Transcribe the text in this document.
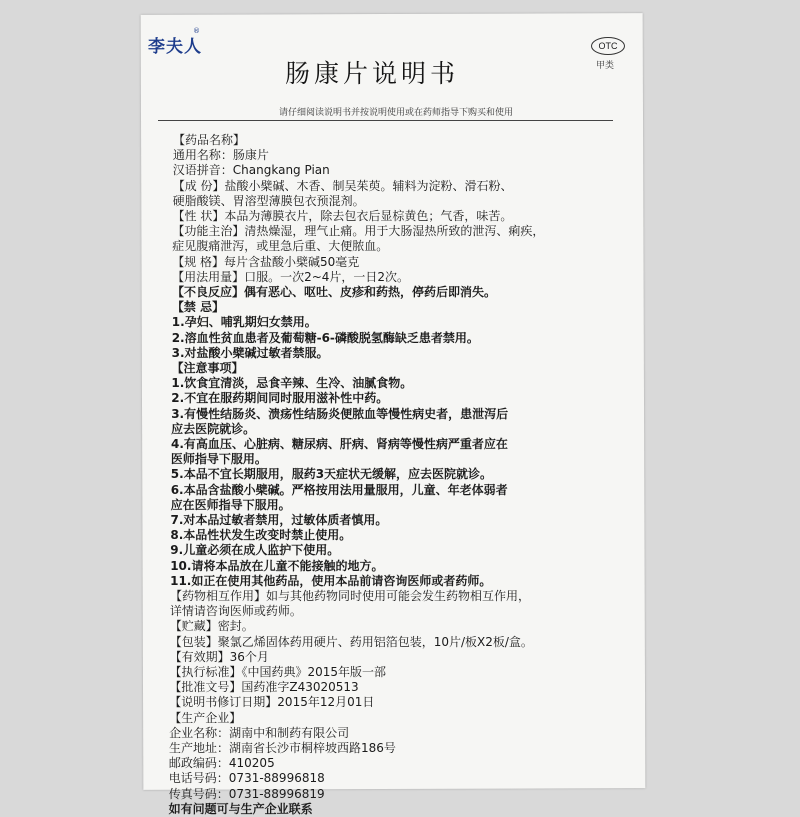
李夫人
®
肠康片说明书
OTC
甲类
请仔细阅读说明书并按说明使用或在药师指导下购买和使用
【药品名称】
通用名称：肠康片
汉语拼音：Changkang Pian
【成 份】盐酸小檗碱、木香、制吴茱萸。辅料为淀粉、滑石粉、
硬脂酸镁、胃溶型薄膜包衣预混剂。
【性 状】本品为薄膜衣片，除去包衣后显棕黄色；气香，味苦。
【功能主治】清热燥湿，理气止痛。用于大肠湿热所致的泄泻、痢疾，
症见腹痛泄泻，或里急后重、大便脓血。
【规 格】每片含盐酸小檗碱50毫克
【用法用量】口服。一次2~4片，一日2次。
【不良反应】偶有恶心、呕吐、皮疹和药热，停药后即消失。
【禁 忌】
1.孕妇、哺乳期妇女禁用。
2.溶血性贫血患者及葡萄糖-6-磷酸脱氢酶缺乏患者禁用。
3.对盐酸小檗碱过敏者禁服。
【注意事项】
1.饮食宜清淡，忌食辛辣、生冷、油腻食物。
2.不宜在服药期间同时服用滋补性中药。
3.有慢性结肠炎、溃疡性结肠炎便脓血等慢性病史者，患泄泻后
应去医院就诊。
4.有高血压、心脏病、糖尿病、肝病、肾病等慢性病严重者应在
医师指导下服用。
5.本品不宜长期服用，服药3天症状无缓解，应去医院就诊。
6.本品含盐酸小檗碱。严格按用法用量服用，儿童、年老体弱者
应在医师指导下服用。
7.对本品过敏者禁用，过敏体质者慎用。
8.本品性状发生改变时禁止使用。
9.儿童必须在成人监护下使用。
10.请将本品放在儿童不能接触的地方。
11.如正在使用其他药品，使用本品前请咨询医师或者药师。
【药物相互作用】如与其他药物同时使用可能会发生药物相互作用，
详情请咨询医师或药师。
【贮藏】密封。
【包装】聚氯乙烯固体药用硬片、药用铝箔包装，10片/板X2板/盒。
【有效期】36个月
【执行标准】《中国药典》2015年版一部
【批准文号】国药准字Z43020513
【说明书修订日期】2015年12月01日
【生产企业】
企业名称：湖南中和制药有限公司
生产地址：湖南省长沙市桐梓坡西路186号
邮政编码：410205
电话号码：0731-88996818
传真号码：0731-88996819
如有问题可与生产企业联系
